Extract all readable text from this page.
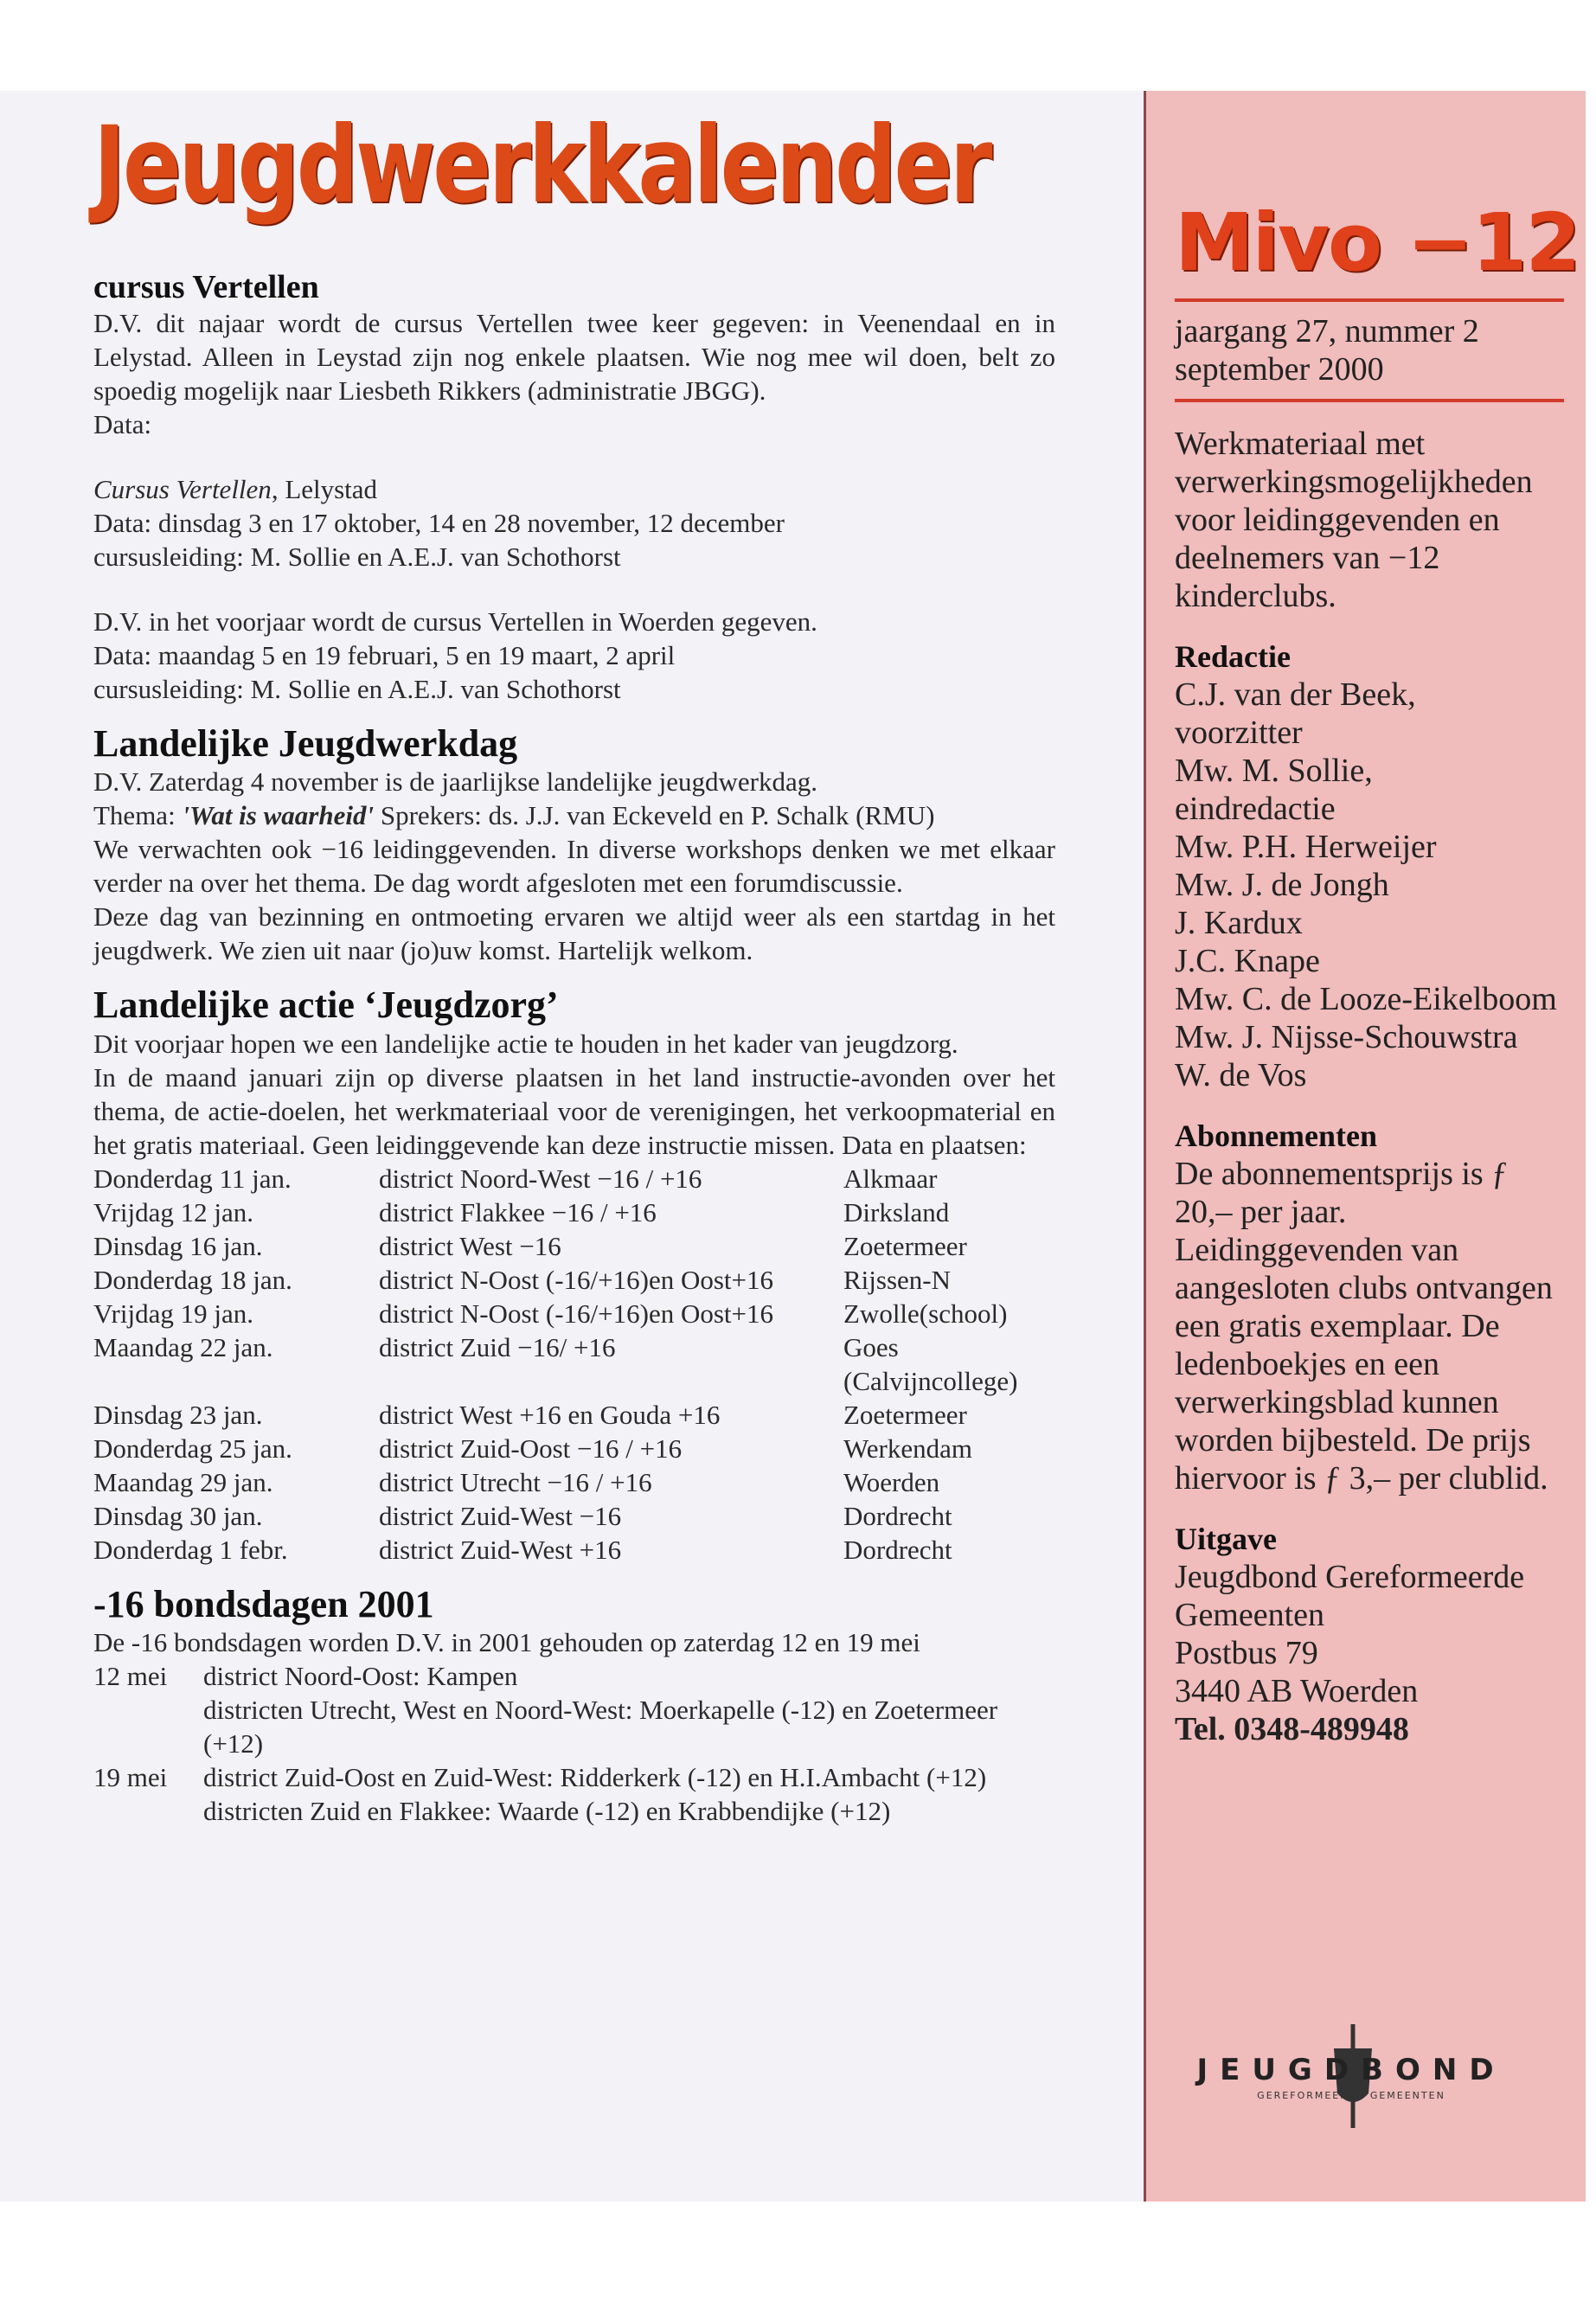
Jeugdwerkkalender
cursus Vertellen

D.V. dit najaar wordt de cursus Vertellen twee keer gegeven: in Veenendaal en in Lelystad. Alleen in Leystad zijn nog enkele plaatsen. Wie nog mee wil doen, belt zo spoedig mogelijk naar Liesbeth Rikkers (administratie JBGG).

Data:

Cursus Vertellen, Lelystad

Data: dinsdag 3 en 17 oktober, 14 en 28 november, 12 december

cursusleiding: M. Sollie en A.E.J. van Schothorst

D.V. in het voorjaar wordt de cursus Vertellen in Woerden gegeven.

Data: maandag 5 en 19 februari, 5 en 19 maart, 2 april

cursusleiding: M. Sollie en A.E.J. van Schothorst

Landelijke Jeugdwerkdag

D.V. Zaterdag 4 november is de jaarlijkse landelijke jeugdwerkdag.

Thema: 'Wat is waarheid' Sprekers: ds. J.J. van Eckeveld en P. Schalk (RMU)

We verwachten ook −16 leidinggevenden. In diverse workshops denken we met elkaar verder na over het thema. De dag wordt afgesloten met een forumdiscussie.

Deze dag van bezinning en ontmoeting ervaren we altijd weer als een startdag in het jeugdwerk. We zien uit naar (jo)uw komst. Hartelijk welkom.

Landelijke actie ‘Jeugdzorg’

Dit voorjaar hopen we een landelijke actie te houden in het kader van jeugdzorg.

In de maand januari zijn op diverse plaatsen in het land instructie-avonden over het thema, de actie-doelen, het werkmateriaal voor de verenigingen, het verkoopmaterial en het gratis materiaal. Geen leidinggevende kan deze instructie missen. Data en plaatsen:

Donderdag 11 jan.	district Noord-West −16 / +16	Alkmaar
Vrijdag 12 jan.	district Flakkee −16 / +16	Dirksland
Dinsdag 16 jan.	district West −16	Zoetermeer
Donderdag 18 jan.	district N-Oost (-16/+16)en Oost+16	Rijssen-N
Vrijdag 19 jan.	district N-Oost (-16/+16)en Oost+16	Zwolle(school)
Maandag 22 jan.	district Zuid −16/ +16	Goes (Calvijncollege)
Dinsdag 23 jan.	district West +16 en Gouda +16	Zoetermeer
Donderdag 25 jan.	district Zuid-Oost −16 / +16	Werkendam
Maandag 29 jan.	district Utrecht −16 / +16	Woerden
Dinsdag 30 jan.	district Zuid-West −16	Dordrecht
Donderdag 1 febr.	district Zuid-West +16	Dordrecht
-16 bondsdagen 2001

De -16 bondsdagen worden D.V. in 2001 gehouden op zaterdag 12 en 19 mei

12 mei	district Noord-Oost: Kampen
districten Utrecht, West en Noord-West: Moerkapelle (-12) en Zoetermeer (+12)

19 mei	district Zuid-Oost en Zuid-West: Ridderkerk (-12) en H.I.Ambacht (+12)
districten Zuid en Flakkee: Waarde (-12) en Krabbendijke (+12)
Mivo −12

jaargang 27, nummer 2

september 2000

Werkmateriaal met verwerkingsmogelijkheden voor leidinggevenden en deelnemers van −12 kinderclubs.

Redactie

C.J. van der Beek,

voorzitter

Mw. M. Sollie,

eindredactie

Mw. P.H. Herweijer

Mw. J. de Jongh

J. Kardux

J.C. Knape

Mw. C. de Looze-Eikelboom

Mw. J. Nijsse-Schouwstra

W. de Vos

Abonnementen

De abonnementsprijs is ƒ 20,– per jaar. Leidinggevenden van aangesloten clubs ontvangen een gratis exemplaar. De ledenboekjes en een verwerkingsblad kunnen worden bijbesteld. De prijs hiervoor is ƒ 3,– per clublid.

Uitgave

Jeugdbond Gereformeerde Gemeenten

Postbus 79

3440 AB Woerden

Tel. 0348-489948

JEUGDBOND
GEREFORMEERDE GEMEENTEN
